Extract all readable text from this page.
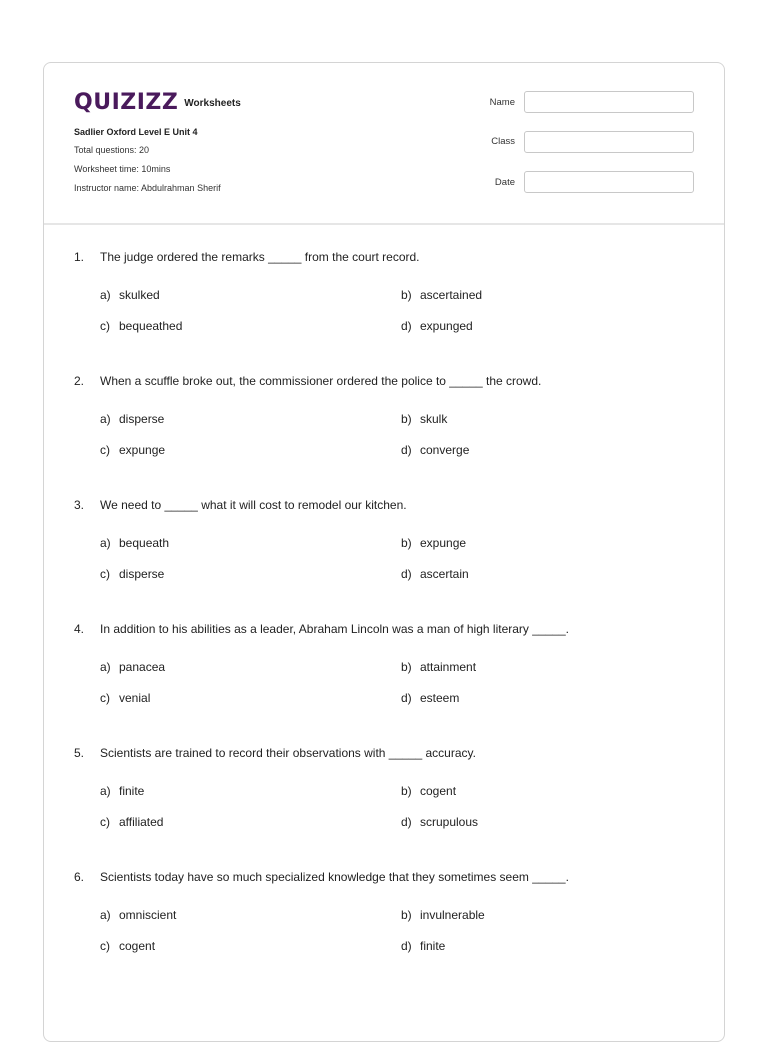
QUIZIZZ Worksheets
Sadlier Oxford Level E Unit 4
Total questions: 20
Worksheet time: 10mins
Instructor name: Abdulrahman Sherif
Name
Class
Date
1. The judge ordered the remarks _____ from the court record.
a) skulked	b) ascertained
c) bequeathed	d) expunged
2. When a scuffle broke out, the commissioner ordered the police to _____ the crowd.
a) disperse	b) skulk
c) expunge	d) converge
3. We need to _____ what it will cost to remodel our kitchen.
a) bequeath	b) expunge
c) disperse	d) ascertain
4. In addition to his abilities as a leader, Abraham Lincoln was a man of high literary _____.
a) panacea	b) attainment
c) venial	d) esteem
5. Scientists are trained to record their observations with _____ accuracy.
a) finite	b) cogent
c) affiliated	d) scrupulous
6. Scientists today have so much specialized knowledge that they sometimes seem _____.
a) omniscient	b) invulnerable
c) cogent	d) finite
